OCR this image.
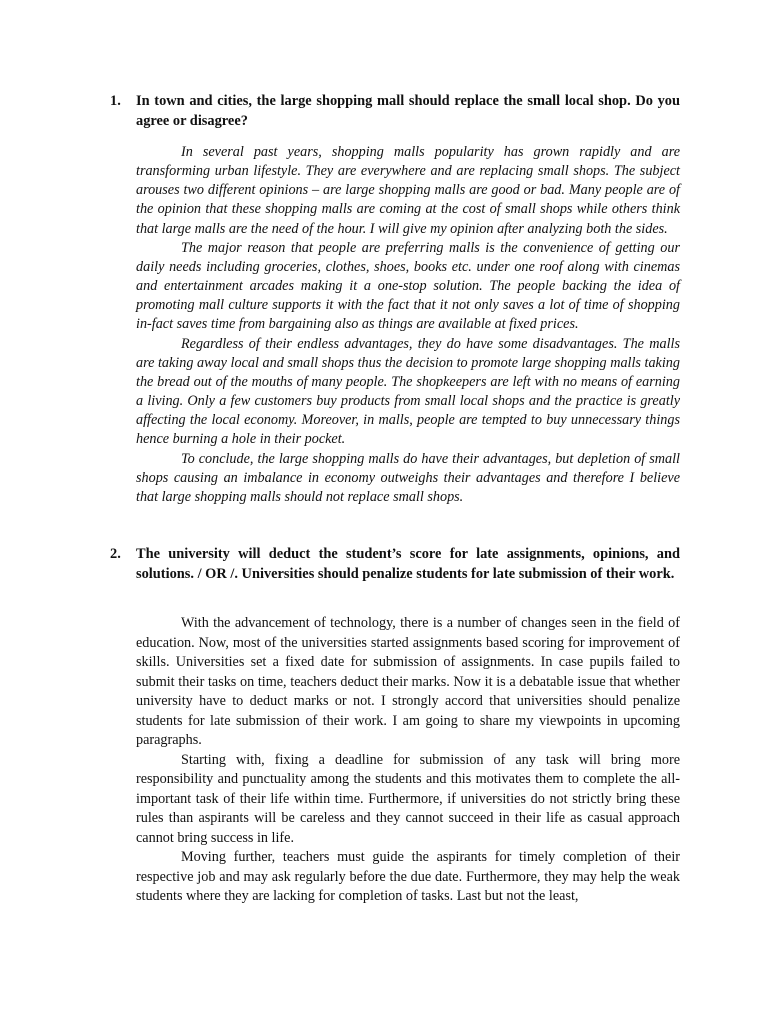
1.	In town and cities, the large shopping mall should replace the small local shop. Do you agree or disagree?

In several past years, shopping malls popularity has grown rapidly and are transforming urban lifestyle. They are everywhere and are replacing small shops. The subject arouses two different opinions – are large shopping malls are good or bad. Many people are of the opinion that these shopping malls are coming at the cost of small shops while others think that large malls are the need of the hour. I will give my opinion after analyzing both the sides.

The major reason that people are preferring malls is the convenience of getting our daily needs including groceries, clothes, shoes, books etc. under one roof along with cinemas and entertainment arcades making it a one-stop solution. The people backing the idea of promoting mall culture supports it with the fact that it not only saves a lot of time of shopping in-fact saves time from bargaining also as things are available at fixed prices.

Regardless of their endless advantages, they do have some disadvantages. The malls are taking away local and small shops thus the decision to promote large shopping malls taking the bread out of the mouths of many people. The shopkeepers are left with no means of earning a living. Only a few customers buy products from small local shops and the practice is greatly affecting the local economy. Moreover, in malls, people are tempted to buy unnecessary things hence burning a hole in their pocket.

To conclude, the large shopping malls do have their advantages, but depletion of small shops causing an imbalance in economy outweighs their advantages and therefore I believe that large shopping malls should not replace small shops.

2.	The university will deduct the student’s score for late assignments, opinions, and solutions. / OR /. Universities should penalize students for late submission of their work.

With the advancement of technology, there is a number of changes seen in the field of education. Now, most of the universities started assignments based scoring for improvement of skills. Universities set a fixed date for submission of assignments. In case pupils failed to submit their tasks on time, teachers deduct their marks. Now it is a debatable issue that whether university have to deduct marks or not. I strongly accord that universities should penalize students for late submission of their work. I am going to share my viewpoints in upcoming paragraphs.

Starting with, fixing a deadline for submission of any task will bring more responsibility and punctuality among the students and this motivates them to complete the all-important task of their life within time. Furthermore, if universities do not strictly bring these rules than aspirants will be careless and they cannot succeed in their life as casual approach cannot bring success in life.

Moving further, teachers must guide the aspirants for timely completion of their respective job and may ask regularly before the due date. Furthermore, they may help the weak students where they are lacking for completion of tasks. Last but not the least,
